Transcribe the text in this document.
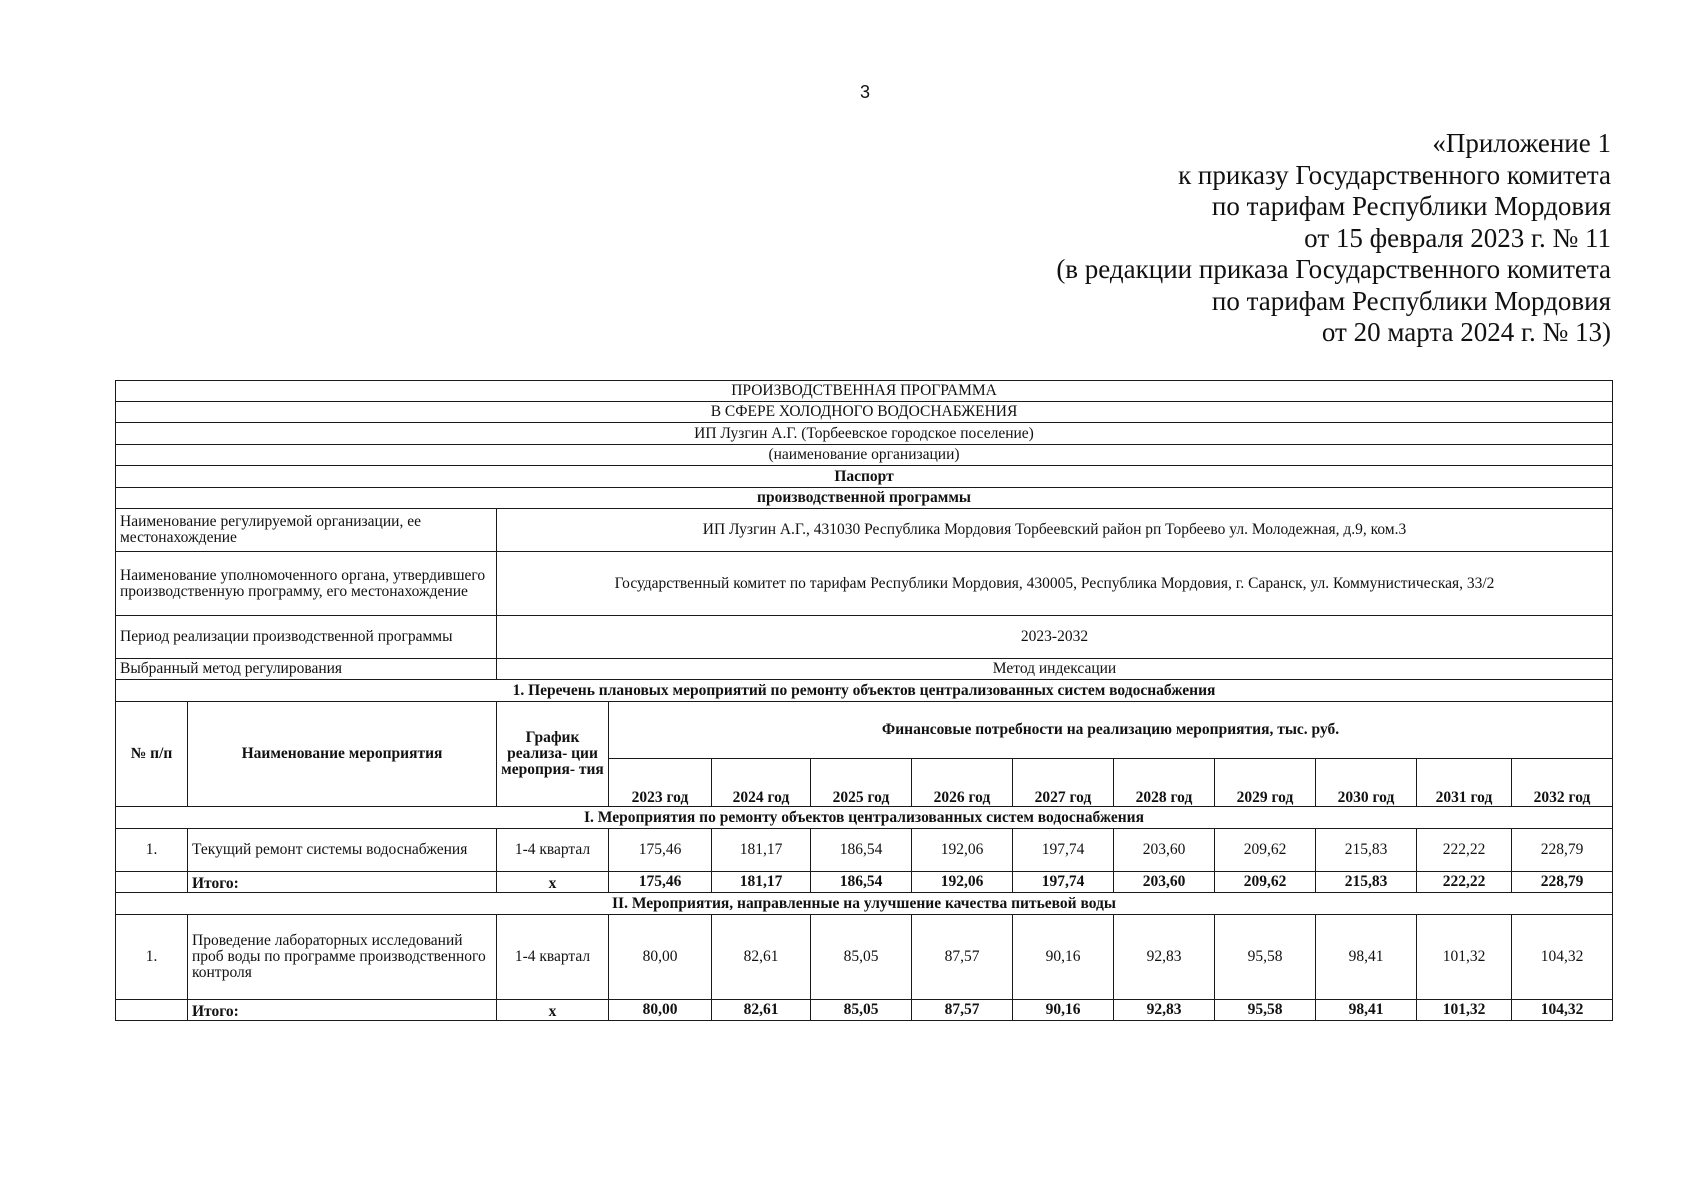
3
«Приложение 1
к приказу Государственного комитета
по тарифам Республики Мордовия
от 15 февраля 2023 г. № 11
(в редакции приказа Государственного комитета
по тарифам Республики Мордовия
от 20 марта 2024 г. № 13)
ПРОИЗВОДСТВЕННАЯ ПРОГРАММА												
В СФЕРЕ ХОЛОДНОГО ВОДОСНАБЖЕНИЯ												
ИП Лузгин А.Г. (Торбеевское городское поселение)												
(наименование организации)												
Паспорт												
производственной программы												
Наименование регулируемой организации, ее местонахождение		ИП Лузгин А.Г., 431030 Республика Мордовия Торбеевский район рп Торбеево ул. Молодежная, д.9, ком.3										
Наименование уполномоченного органа, утвердившего производственную программу, его местонахождение		Государственный комитет по тарифам Республики Мордовия, 430005, Республика Мордовия, г. Саранск, ул. Коммунистическая, 33/2										
Период реализации производственной программы		2023-2032										
Выбранный метод регулирования		Метод индексации										
1. Перечень плановых мероприятий по ремонту объектов централизованных систем водоснабжения												
№ п/п	Наименование мероприятия	График реализа- ции мероприя- тия	Финансовые потребности на реализацию мероприятия, тыс. руб.									
			2023 год	2024 год	2025 год	2026 год	2027 год	2028 год	2029 год	2030 год	2031 год	2032 год
I. Мероприятия по ремонту объектов централизованных систем водоснабжения												
1.	Текущий ремонт системы водоснабжения	1-4 квартал	175,46	181,17	186,54	192,06	197,74	203,60	209,62	215,83	222,22	228,79
	Итого:	х	175,46	181,17	186,54	192,06	197,74	203,60	209,62	215,83	222,22	228,79
II. Мероприятия, направленные на улучшение качества питьевой воды												
1.	Проведение лабораторных исследований проб воды по программе производственного контроля	1-4 квартал	80,00	82,61	85,05	87,57	90,16	92,83	95,58	98,41	101,32	104,32
	Итого:	х	80,00	82,61	85,05	87,57	90,16	92,83	95,58	98,41	101,32	104,32
